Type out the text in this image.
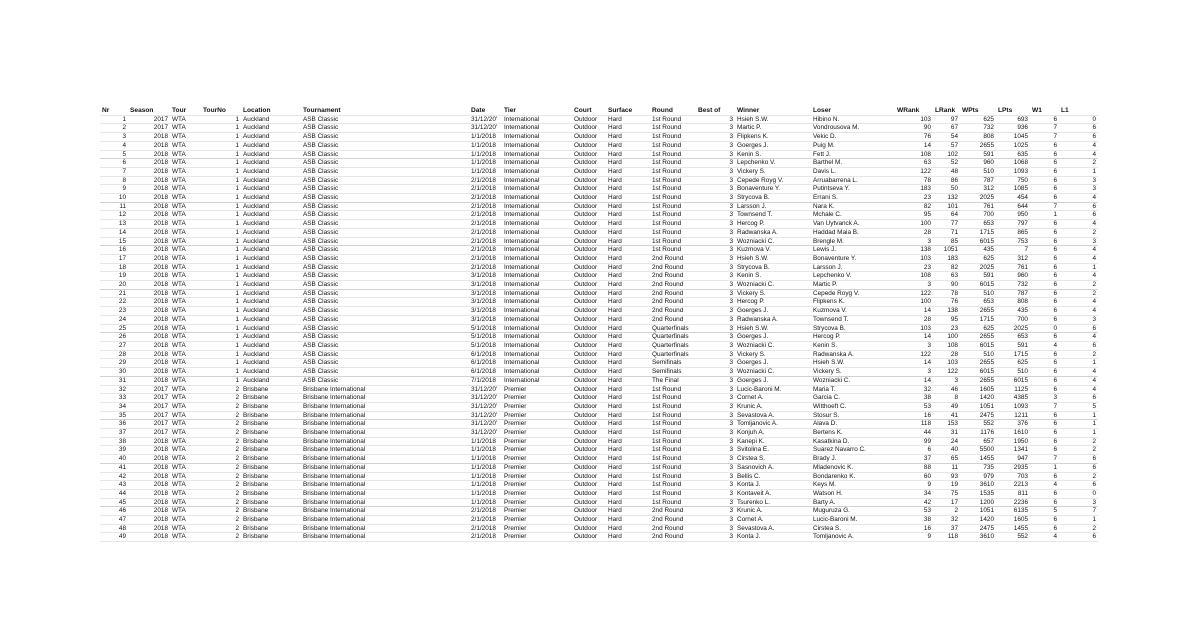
Nr	Season	Tour	TourNo	Location	Tournament	Date	Tier	Court	Surface	Round	Best of	Winner	Loser	WRank	LRank	WPts	LPts	W1	L1
1	2017	WTA	1	Auckland	ASB Classic	31/12/20'	International	Outdoor	Hard	1st Round	3	Hsieh S.W.	Hibino N.	103	97	625	693	6	0
2	2017	WTA	1	Auckland	ASB Classic	31/12/20'	International	Outdoor	Hard	1st Round	3	Martic P.	Vondrousova M.	90	67	732	936	7	6
3	2018	WTA	1	Auckland	ASB Classic	1/1/2018	International	Outdoor	Hard	1st Round	3	Flipkens K.	Vekic D.	76	54	808	1045	7	6
4	2018	WTA	1	Auckland	ASB Classic	1/1/2018	International	Outdoor	Hard	1st Round	3	Goerges J.	Puig M.	14	57	2655	1025	6	4
5	2018	WTA	1	Auckland	ASB Classic	1/1/2018	International	Outdoor	Hard	1st Round	3	Kenin S.	Fett J.	108	102	591	635	6	4
6	2018	WTA	1	Auckland	ASB Classic	1/1/2018	International	Outdoor	Hard	1st Round	3	Lepchenko V.	Barthel M.	63	52	960	1068	6	2
7	2018	WTA	1	Auckland	ASB Classic	1/1/2018	International	Outdoor	Hard	1st Round	3	Vickery S.	Davis L.	122	48	510	1093	6	1
8	2018	WTA	1	Auckland	ASB Classic	2/1/2018	International	Outdoor	Hard	1st Round	3	Cepede Royg V.	Arruabarrena L.	78	86	787	750	6	3
9	2018	WTA	1	Auckland	ASB Classic	2/1/2018	International	Outdoor	Hard	1st Round	3	Bonaventure Y.	Putintseva Y.	183	50	312	1085	6	3
10	2018	WTA	1	Auckland	ASB Classic	2/1/2018	International	Outdoor	Hard	1st Round	3	Strycova B.	Errani S.	23	132	2025	454	6	4
11	2018	WTA	1	Auckland	ASB Classic	2/1/2018	International	Outdoor	Hard	1st Round	3	Larsson J.	Nara K.	82	101	761	644	7	6
12	2018	WTA	1	Auckland	ASB Classic	2/1/2018	International	Outdoor	Hard	1st Round	3	Townsend T.	Mchale C.	95	64	700	950	1	6
13	2018	WTA	1	Auckland	ASB Classic	2/1/2018	International	Outdoor	Hard	1st Round	3	Hercog P.	Van Uytvanck A.	100	77	653	797	6	4
14	2018	WTA	1	Auckland	ASB Classic	2/1/2018	International	Outdoor	Hard	1st Round	3	Radwanska A.	Haddad Maia B.	28	71	1715	865	6	2
15	2018	WTA	1	Auckland	ASB Classic	2/1/2018	International	Outdoor	Hard	1st Round	3	Wozniacki C.	Brengle M.	3	85	6015	753	6	3
16	2018	WTA	1	Auckland	ASB Classic	2/1/2018	International	Outdoor	Hard	1st Round	3	Kuzmova V.	Lewis J.	138	1051	435	7	6	4
17	2018	WTA	1	Auckland	ASB Classic	2/1/2018	International	Outdoor	Hard	2nd Round	3	Hsieh S.W.	Bonaventure Y.	103	183	625	312	6	4
18	2018	WTA	1	Auckland	ASB Classic	2/1/2018	International	Outdoor	Hard	2nd Round	3	Strycova B.	Larsson J.	23	82	2025	761	6	1
19	2018	WTA	1	Auckland	ASB Classic	3/1/2018	International	Outdoor	Hard	2nd Round	3	Kenin S.	Lepchenko V.	108	63	591	960	6	4
20	2018	WTA	1	Auckland	ASB Classic	3/1/2018	International	Outdoor	Hard	2nd Round	3	Wozniacki C.	Martic P.	3	90	6015	732	6	2
21	2018	WTA	1	Auckland	ASB Classic	3/1/2018	International	Outdoor	Hard	2nd Round	3	Vickery S.	Cepede Royg V.	122	78	510	787	6	2
22	2018	WTA	1	Auckland	ASB Classic	3/1/2018	International	Outdoor	Hard	2nd Round	3	Hercog P.	Flipkens K.	100	76	653	808	6	4
23	2018	WTA	1	Auckland	ASB Classic	3/1/2018	International	Outdoor	Hard	2nd Round	3	Goerges J.	Kuzmova V.	14	138	2655	435	6	4
24	2018	WTA	1	Auckland	ASB Classic	3/1/2018	International	Outdoor	Hard	2nd Round	3	Radwanska A.	Townsend T.	28	95	1715	700	6	3
25	2018	WTA	1	Auckland	ASB Classic	5/1/2018	International	Outdoor	Hard	Quarterfinals	3	Hsieh S.W.	Strycova B.	103	23	625	2025	0	6
26	2018	WTA	1	Auckland	ASB Classic	5/1/2018	International	Outdoor	Hard	Quarterfinals	3	Goerges J.	Hercog P.	14	100	2655	653	6	4
27	2018	WTA	1	Auckland	ASB Classic	5/1/2018	International	Outdoor	Hard	Quarterfinals	3	Wozniacki C.	Kenin S.	3	108	6015	591	4	6
28	2018	WTA	1	Auckland	ASB Classic	6/1/2018	International	Outdoor	Hard	Quarterfinals	3	Vickery S.	Radwanska A.	122	28	510	1715	6	2
29	2018	WTA	1	Auckland	ASB Classic	6/1/2018	International	Outdoor	Hard	Semifinals	3	Goerges J.	Hsieh S.W.	14	103	2655	625	6	1
30	2018	WTA	1	Auckland	ASB Classic	6/1/2018	International	Outdoor	Hard	Semifinals	3	Wozniacki C.	Vickery S.	3	122	6015	510	6	4
31	2018	WTA	1	Auckland	ASB Classic	7/1/2018	International	Outdoor	Hard	The Final	3	Goerges J.	Wozniacki C.	14	3	2655	6015	6	4
32	2017	WTA	2	Brisbane	Brisbane International	31/12/20'	Premier	Outdoor	Hard	1st Round	3	Lucic-Baroni M.	Maria T.	32	46	1605	1125	6	4
33	2017	WTA	2	Brisbane	Brisbane International	31/12/20'	Premier	Outdoor	Hard	1st Round	3	Cornet A.	Garcia C.	38	8	1420	4385	3	6
34	2017	WTA	2	Brisbane	Brisbane International	31/12/20'	Premier	Outdoor	Hard	1st Round	3	Krunic A.	Witthoeft C.	53	49	1051	1093	7	5
35	2017	WTA	2	Brisbane	Brisbane International	31/12/20'	Premier	Outdoor	Hard	1st Round	3	Sevastova A.	Stosur S.	16	41	2475	1211	6	1
36	2017	WTA	2	Brisbane	Brisbane International	31/12/20'	Premier	Outdoor	Hard	1st Round	3	Tomljanovic A.	Alava D.	118	153	552	376	6	1
37	2017	WTA	2	Brisbane	Brisbane International	31/12/20'	Premier	Outdoor	Hard	1st Round	3	Konjuh A.	Bertens K.	44	31	1176	1610	6	1
38	2018	WTA	2	Brisbane	Brisbane International	1/1/2018	Premier	Outdoor	Hard	1st Round	3	Kanepi K.	Kasatkina D.	99	24	657	1950	6	2
39	2018	WTA	2	Brisbane	Brisbane International	1/1/2018	Premier	Outdoor	Hard	1st Round	3	Svitolina E.	Suarez Navarro C.	6	40	5500	1341	6	2
40	2018	WTA	2	Brisbane	Brisbane International	1/1/2018	Premier	Outdoor	Hard	1st Round	3	Cirstea S.	Brady J.	37	65	1455	947	7	6
41	2018	WTA	2	Brisbane	Brisbane International	1/1/2018	Premier	Outdoor	Hard	1st Round	3	Sasnovich A.	Mladenovic K.	88	11	735	2935	1	6
42	2018	WTA	2	Brisbane	Brisbane International	1/1/2018	Premier	Outdoor	Hard	1st Round	3	Bellis C.	Bondarenko K.	60	93	979	703	6	2
43	2018	WTA	2	Brisbane	Brisbane International	1/1/2018	Premier	Outdoor	Hard	1st Round	3	Konta J.	Keys M.	9	19	3610	2213	4	6
44	2018	WTA	2	Brisbane	Brisbane International	1/1/2018	Premier	Outdoor	Hard	1st Round	3	Kontaveit A.	Watson H.	34	75	1535	811	6	0
45	2018	WTA	2	Brisbane	Brisbane International	1/1/2018	Premier	Outdoor	Hard	1st Round	3	Tsurenko L.	Barty A.	42	17	1200	2236	6	3
46	2018	WTA	2	Brisbane	Brisbane International	2/1/2018	Premier	Outdoor	Hard	2nd Round	3	Krunic A.	Muguruza G.	53	2	1051	6135	5	7
47	2018	WTA	2	Brisbane	Brisbane International	2/1/2018	Premier	Outdoor	Hard	2nd Round	3	Cornet A.	Lucic-Baroni M.	38	32	1420	1605	6	1
48	2018	WTA	2	Brisbane	Brisbane International	2/1/2018	Premier	Outdoor	Hard	2nd Round	3	Sevastova A.	Cirstea S.	16	37	2475	1455	6	2
49	2018	WTA	2	Brisbane	Brisbane International	2/1/2018	Premier	Outdoor	Hard	2nd Round	3	Konta J.	Tomljanovic A.	9	118	3610	552	4	6
